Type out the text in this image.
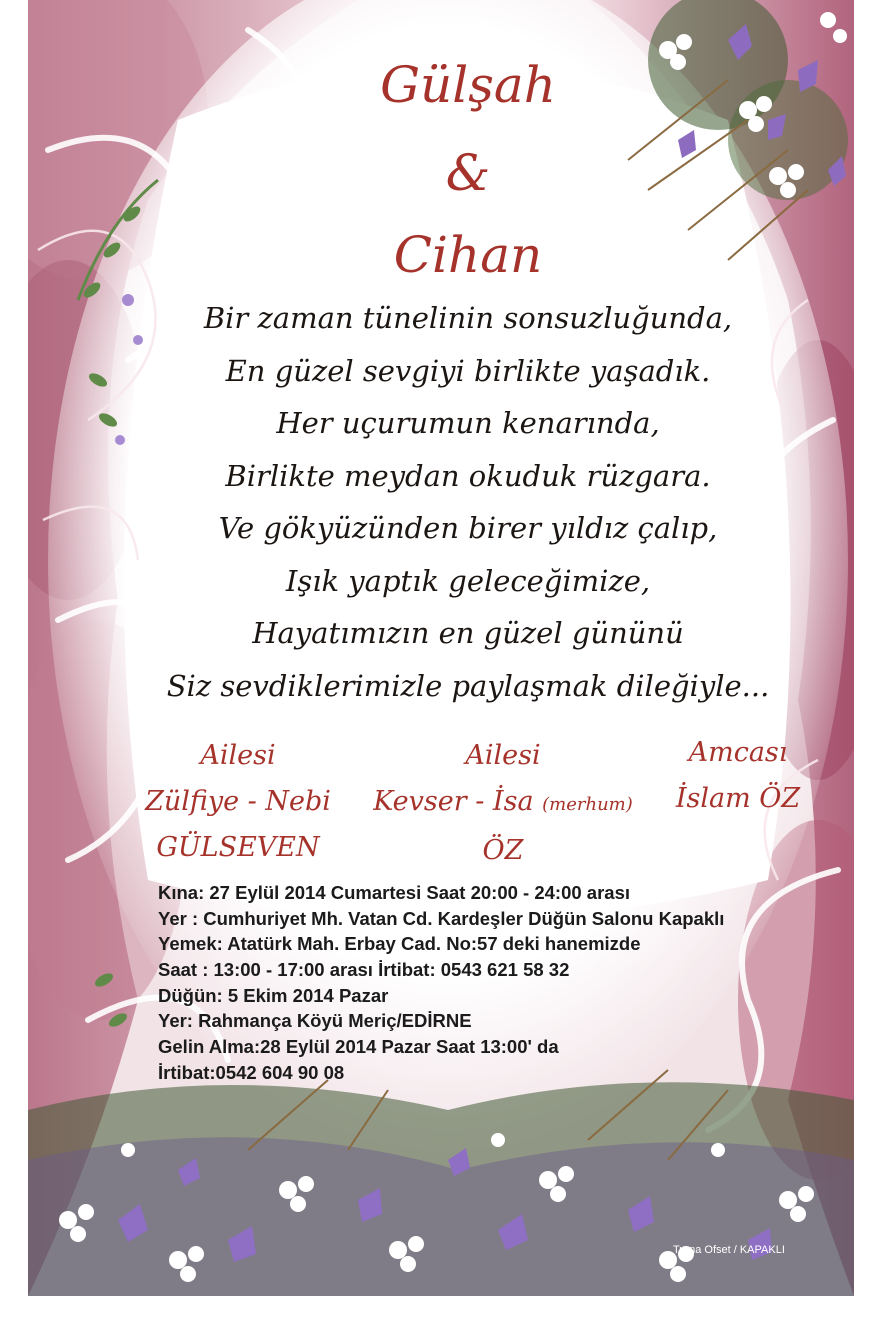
Gülşah
&
Cihan
Bir zaman tünelinin sonsuzluğunda,
En güzel sevgiyi birlikte yaşadık.
Her uçurumun kenarında,
Birlikte meydan okuduk rüzgara.
Ve gökyüzünden birer yıldız çalıp,
Işık yaptık geleceğimize,
Hayatımızın en güzel gününü
Siz sevdiklerimizle paylaşmak dileğiyle...
Ailesi
Zülfiye - Nebi
GÜLSEVEN
Ailesi
Kevser - İsa (merhum)
ÖZ
Amcası
İslam ÖZ
Kına: 27 Eylül 2014 Cumartesi Saat 20:00 - 24:00 arası
Yer : Cumhuriyet Mh. Vatan Cd. Kardeşler Düğün Salonu Kapaklı
Yemek: Atatürk Mah. Erbay Cad. No:57 deki hanemizde
Saat : 13:00 - 17:00 arası İrtibat: 0543 621 58 32
Düğün: 5 Ekim 2014 Pazar
Yer: Rahmança Köyü Meriç/EDİRNE
Gelin Alma:28 Eylül 2014 Pazar Saat 13:00' da
İrtibat:0542 604 90 08
Turna Ofset / KAPAKLI
